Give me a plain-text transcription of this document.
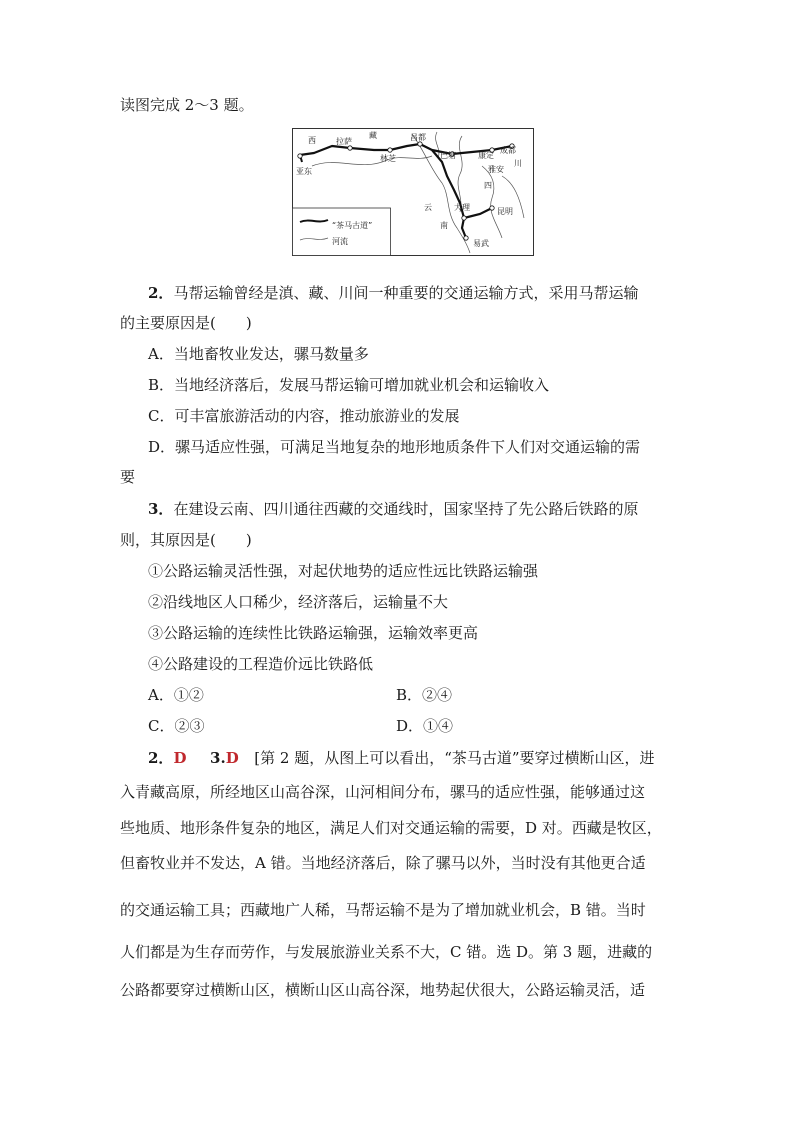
读图完成 2～3 题。
西
藏
拉萨
林芝
昌都
巴塘	康定
成都
川
雅安
亚东
四
云
南
大理	昆明
易武
“茶马古道”
河流
2．马帮运输曾经是滇、藏、川间一种重要的交通运输方式，采用马帮运输
的主要原因是(　　)
A．当地畜牧业发达，骡马数量多
B．当地经济落后，发展马帮运输可增加就业机会和运输收入
C．可丰富旅游活动的内容，推动旅游业的发展
D．骡马适应性强，可满足当地复杂的地形地质条件下人们对交通运输的需
要
3．在建设云南、四川通往西藏的交通线时，国家坚持了先公路后铁路的原
则，其原因是(　　)
①公路运输灵活性强，对起伏地势的适应性远比铁路运输强
②沿线地区人口稀少，经济落后，运输量不大
③公路运输的连续性比铁路运输强，运输效率更高
④公路建设的工程造价远比铁路低
A．①②	B．②④
C．②③	D．①④
2．D 3.D [第 2 题，从图上可以看出，“茶马古道”要穿过横断山区，进
入青藏高原，所经地区山高谷深，山河相间分布，骡马的适应性强，能够通过这
些地质、地形条件复杂的地区，满足人们对交通运输的需要，D 对。西藏是牧区，
但畜牧业并不发达，A 错。当地经济落后，除了骡马以外，当时没有其他更合适
的交通运输工具；西藏地广人稀，马帮运输不是为了增加就业机会，B 错。当时
人们都是为生存而劳作，与发展旅游业关系不大，C 错。选 D。第 3 题，进藏的
公路都要穿过横断山区，横断山区山高谷深，地势起伏很大，公路运输灵活，适
